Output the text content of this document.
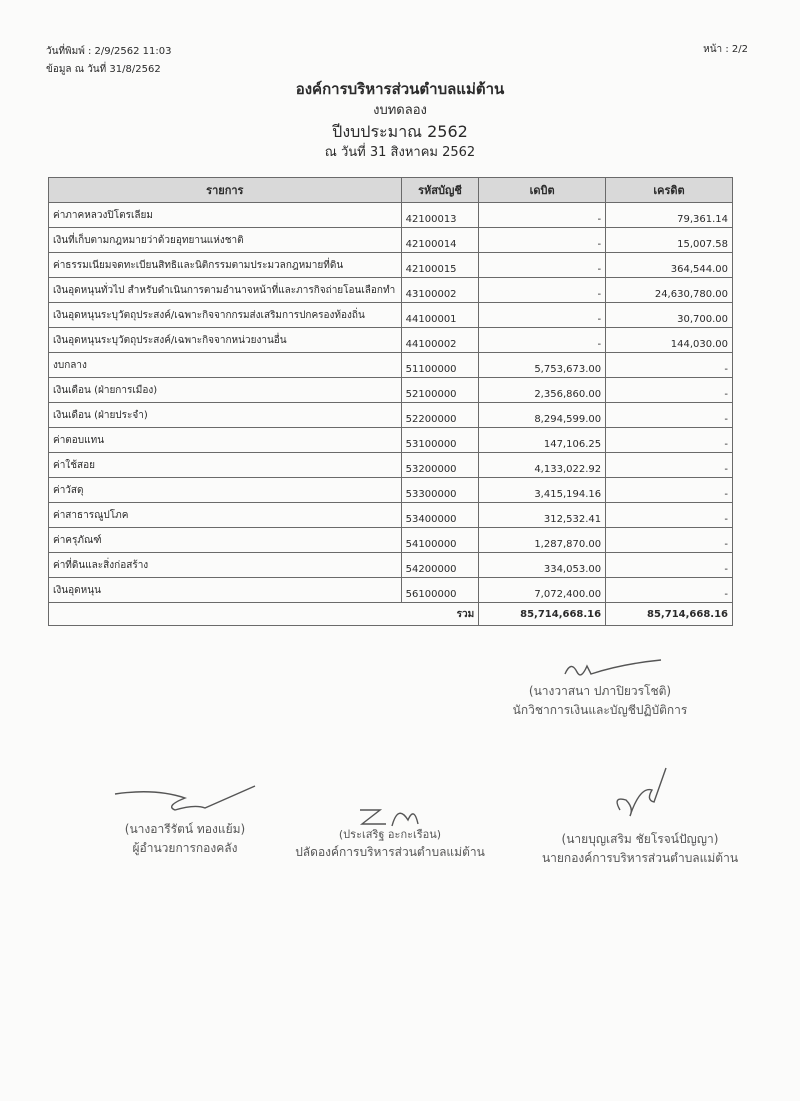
วันที่พิมพ์ : 2/9/2562 11:03
ข้อมูล ณ วันที่ 31/8/2562
หน้า : 2/2
องค์การบริหารส่วนตำบลแม่ต้าน
งบทดลอง
ปีงบประมาณ 2562
ณ วันที่ 31 สิงหาคม 2562
รายการ	รหัสบัญชี	เดบิต	เครดิต
ค่าภาคหลวงปิโตรเลียม	42100013	-	79,361.14
เงินที่เก็บตามกฎหมายว่าด้วยอุทยานแห่งชาติ	42100014	-	15,007.58
ค่าธรรมเนียมจดทะเบียนสิทธิและนิติกรรมตามประมวลกฎหมายที่ดิน	42100015	-	364,544.00
เงินอุดหนุนทั่วไป สำหรับดำเนินการตามอำนาจหน้าที่และภารกิจถ่ายโอนเลือกทำ	43100002	-	24,630,780.00
เงินอุดหนุนระบุวัตถุประสงค์/เฉพาะกิจจากกรมส่งเสริมการปกครองท้องถิ่น	44100001	-	30,700.00
เงินอุดหนุนระบุวัตถุประสงค์/เฉพาะกิจจากหน่วยงานอื่น	44100002	-	144,030.00
งบกลาง	51100000	5,753,673.00	-
เงินเดือน (ฝ่ายการเมือง)	52100000	2,356,860.00	-
เงินเดือน (ฝ่ายประจำ)	52200000	8,294,599.00	-
ค่าตอบแทน	53100000	147,106.25	-
ค่าใช้สอย	53200000	4,133,022.92	-
ค่าวัสดุ	53300000	3,415,194.16	-
ค่าสาธารณูปโภค	53400000	312,532.41	-
ค่าครุภัณฑ์	54100000	1,287,870.00	-
ค่าที่ดินและสิ่งก่อสร้าง	54200000	334,053.00	-
เงินอุดหนุน	56100000	7,072,400.00	-
รวม		85,714,668.16	85,714,668.16
(นางวาสนา ปภาปิยวรโชติ)
นักวิชาการเงินและบัญชีปฏิบัติการ
(นางอารีรัตน์ ทองแย้ม)
ผู้อำนวยการกองคลัง
(ประเสริฐ อะกะเรือน)
ปลัดองค์การบริหารส่วนตำบลแม่ต้าน
(นายบุญเสริม ชัยโรจน์ปัญญา)
นายกองค์การบริหารส่วนตำบลแม่ต้าน
